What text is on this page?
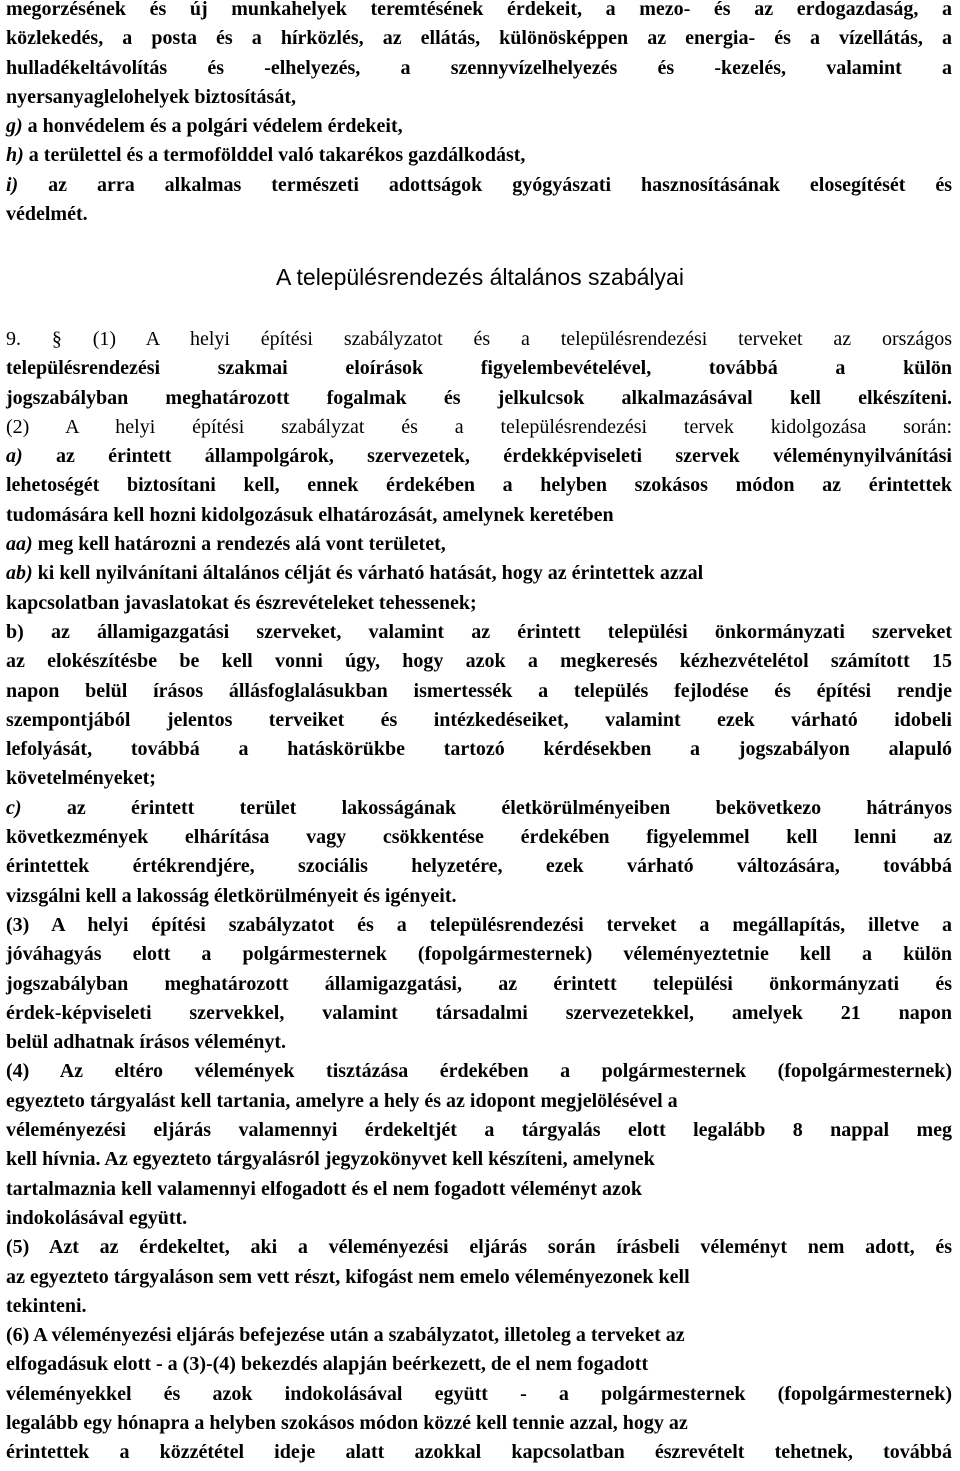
megorzésének és új munkahelyek teremtésének érdekeit, a mezo- és az erdogazdaság, a
közlekedés, a posta és a hírközlés, az ellátás, különösképpen az energia- és a vízellátás, a
hulladékeltávolítás és -elhelyezés, a szennyvízelhelyezés és -kezelés, valamint a
nyersanyaglelohelyek biztosítását,
g) a honvédelem és a polgári védelem érdekeit,
h) a területtel és a termofölddel való takarékos gazdálkodást,
i) az arra alkalmas természeti adottságok gyógyászati hasznosításának elosegítését és
védelmét.
A településrendezés általános szabályai
9. § (1) A helyi építési szabályzatot és a településrendezési terveket az országos
településrendezési szakmai eloírások figyelembevételével, továbbá a külön
jogszabályban meghatározott fogalmak és jelkulcsok alkalmazásával kell elkészíteni.
(2) A helyi építési szabályzat és a településrendezési tervek kidolgozása során:
a) az érintett állampolgárok, szervezetek, érdekképviseleti szervek véleménynyilvánítási
lehetoségét biztosítani kell, ennek érdekében a helyben szokásos módon az érintettek
tudomására kell hozni kidolgozásuk elhatározását, amelynek keretében
aa) meg kell határozni a rendezés alá vont területet,
ab) ki kell nyilvánítani általános célját és várható hatását, hogy az érintettek azzal
kapcsolatban javaslatokat és észrevételeket tehessenek;
b) az államigazgatási szerveket, valamint az érintett települési önkormányzati szerveket
az elokészítésbe be kell vonni úgy, hogy azok a megkeresés kézhezvételétol számított 15
napon belül írásos állásfoglalásukban ismertessék a település fejlodése és építési rendje
szempontjából jelentos terveiket és intézkedéseiket, valamint ezek várható idobeli
lefolyását, továbbá a hatáskörükbe tartozó kérdésekben a jogszabályon alapuló
követelményeket;
c) az érintett terület lakosságának életkörülményeiben bekövetkezo hátrányos
következmények elhárítása vagy csökkentése érdekében figyelemmel kell lenni az
érintettek értékrendjére, szociális helyzetére, ezek várható változására, továbbá
vizsgálni kell a lakosság életkörülményeit és igényeit.
(3) A helyi építési szabályzatot és a településrendezési terveket a megállapítás, illetve a
jóváhagyás elott a polgármesternek (fopolgármesternek) véleményeztetnie kell a külön
jogszabályban meghatározott államigazgatási, az érintett települési önkormányzati és
érdek-képviseleti szervekkel, valamint társadalmi szervezetekkel, amelyek 21 napon
belül adhatnak írásos véleményt.
(4) Az eltéro vélemények tisztázása érdekében a polgármesternek (fopolgármesternek)
egyezteto tárgyalást kell tartania, amelyre a hely és az idopont megjelölésével a
véleményezési eljárás valamennyi érdekeltjét a tárgyalás elott legalább 8 nappal meg
kell hívnia. Az egyezteto tárgyalásról jegyzokönyvet kell készíteni, amelynek
tartalmaznia kell valamennyi elfogadott és el nem fogadott véleményt azok
indokolásával együtt.
(5) Azt az érdekeltet, aki a véleményezési eljárás során írásbeli véleményt nem adott, és
az egyezteto tárgyaláson sem vett részt, kifogást nem emelo véleményezonek kell
tekinteni.
(6) A véleményezési eljárás befejezése után a szabályzatot, illetoleg a terveket az
elfogadásuk elott - a (3)-(4) bekezdés alapján beérkezett, de el nem fogadott
véleményekkel és azok indokolásával együtt - a polgármesternek (fopolgármesternek)
legalább egy hónapra a helyben szokásos módon közzé kell tennie azzal, hogy az
érintettek a közzététel ideje alatt azokkal kapcsolatban észrevételt tehetnek, továbbá
